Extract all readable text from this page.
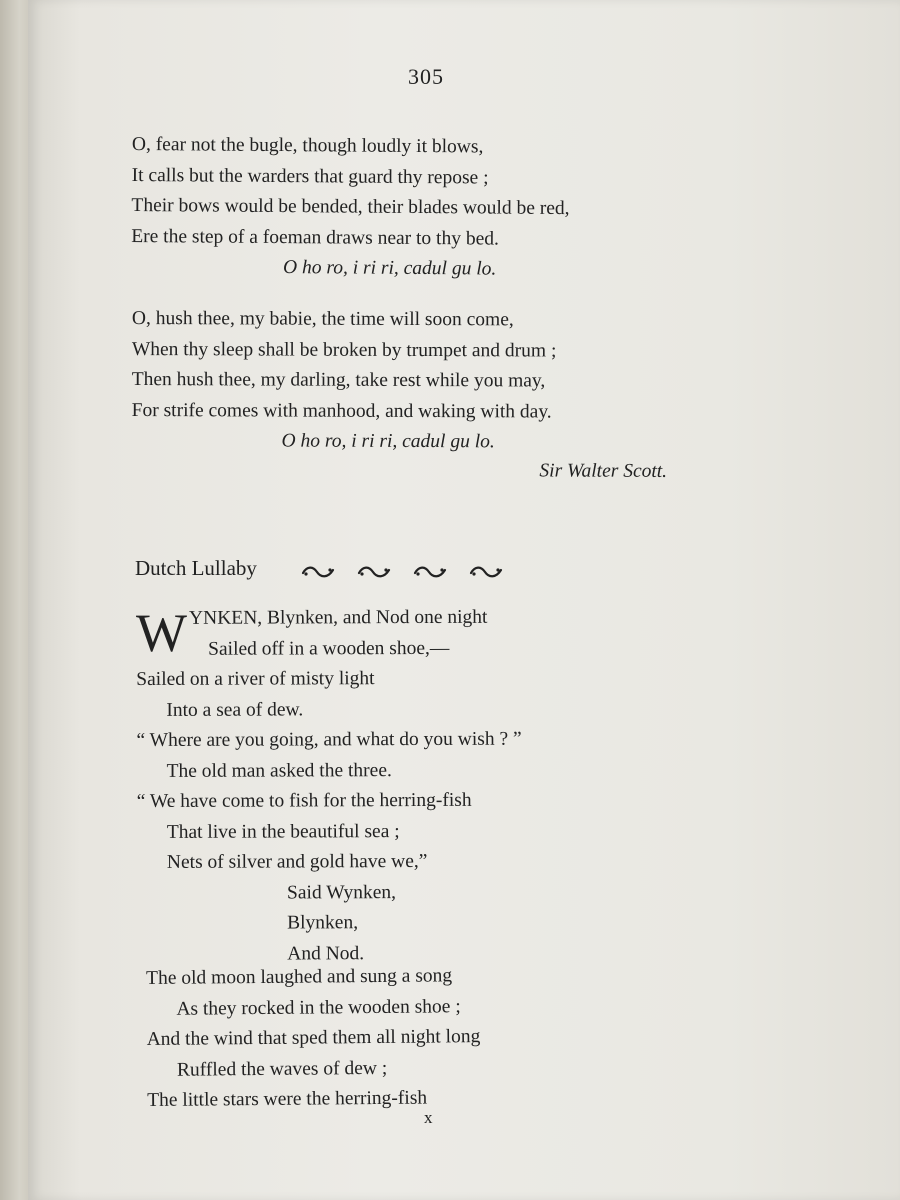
305
O, fear not the bugle, though loudly it blows,
It calls but the warders that guard thy repose ;
Their bows would be bended, their blades would be red,
Ere the step of a foeman draws near to thy bed.
O ho ro, i ri ri, cadul gu lo.
O, hush thee, my babie, the time will soon come,
When thy sleep shall be broken by trumpet and drum ;
Then hush thee, my darling, take rest while you may,
For strife comes with manhood, and waking with day.
O ho ro, i ri ri, cadul gu lo.
Sir Walter Scott.
Dutch Lullaby
W YNKEN, Blynken, and Nod one night
Sailed off in a wooden shoe,—
Sailed on a river of misty light
Into a sea of dew.
“ Where are you going, and what do you wish ? ”
The old man asked the three.
“ We have come to fish for the herring-fish
That live in the beautiful sea ;
Nets of silver and gold have we,”
Said Wynken,
Blynken,
And Nod.
The old moon laughed and sung a song
As they rocked in the wooden shoe ;
And the wind that sped them all night long
Ruffled the waves of dew ;
The little stars were the herring-fish
x
